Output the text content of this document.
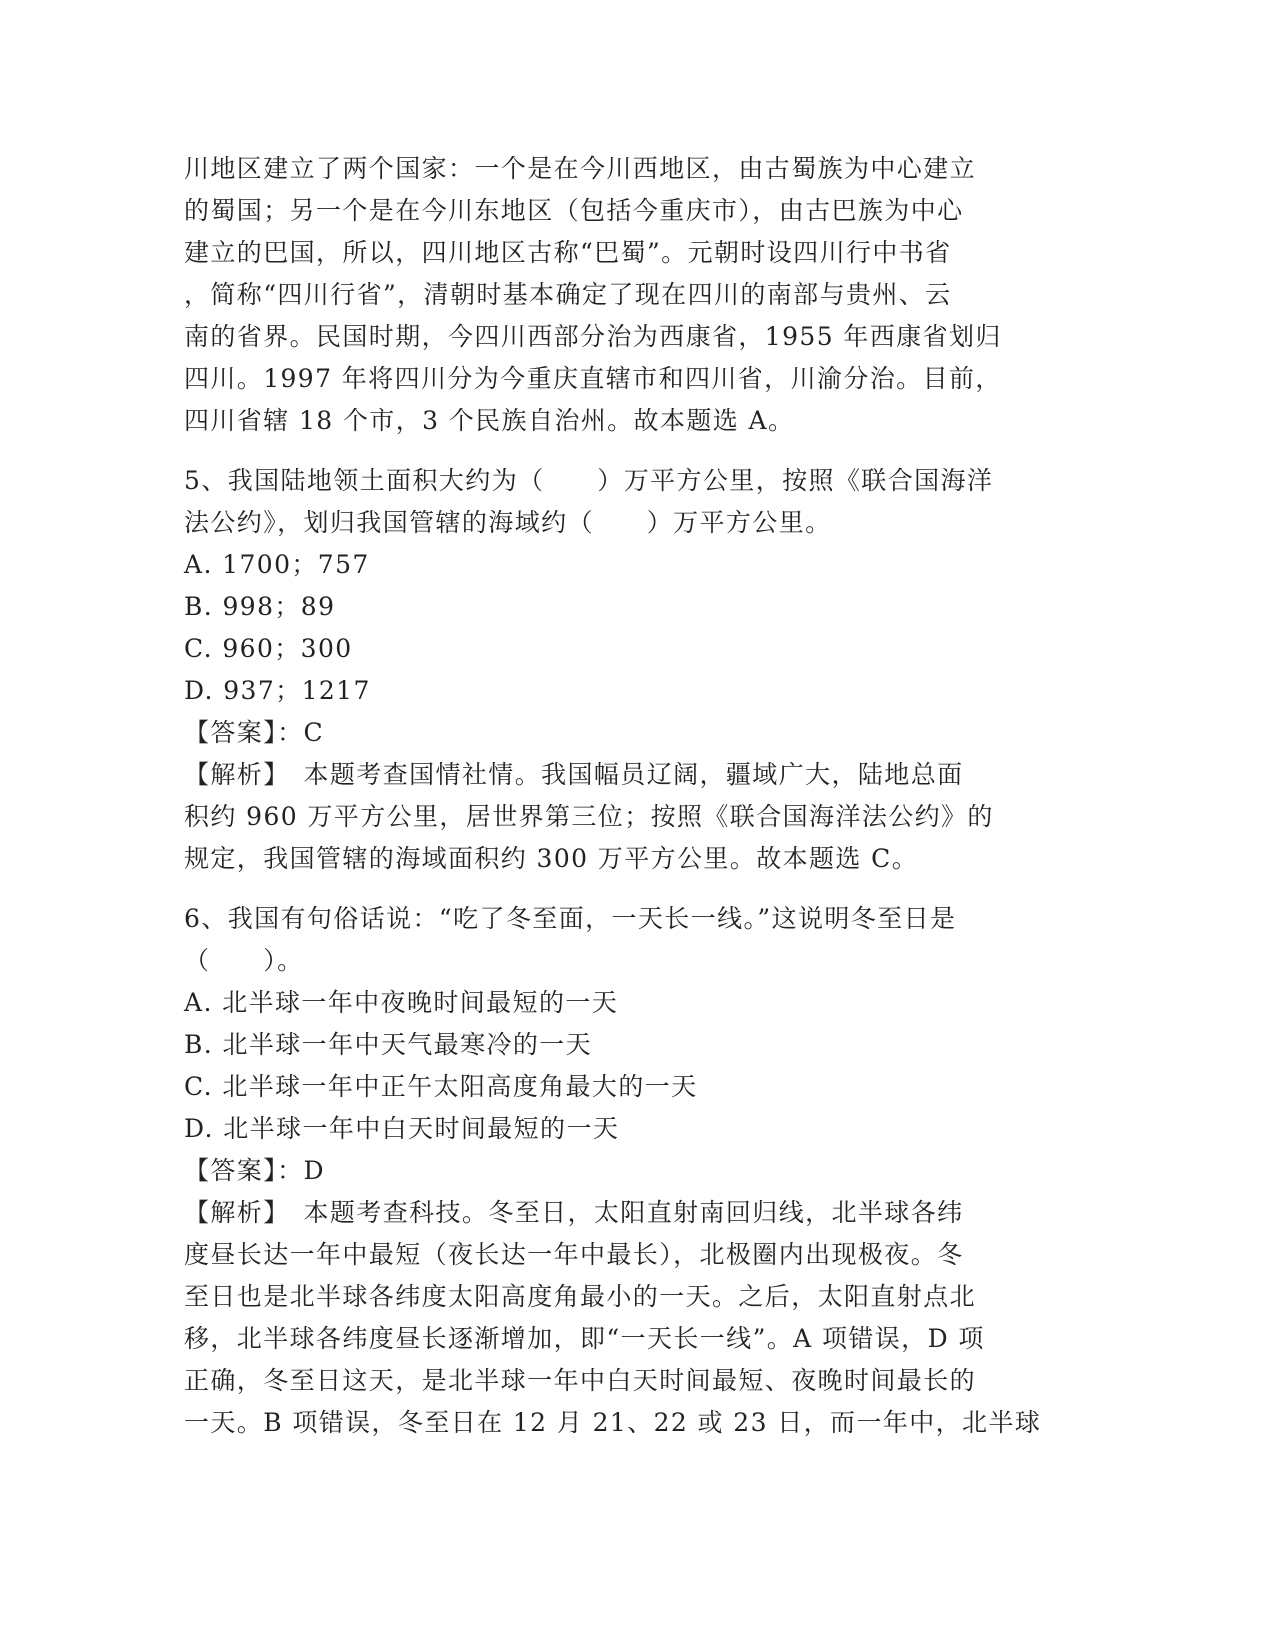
川地区建立了两个国家：一个是在今川西地区，由古蜀族为中心建立
的蜀国；另一个是在今川东地区（包括今重庆市），由古巴族为中心
建立的巴国，所以，四川地区古称“巴蜀”。元朝时设四川行中书省
，简称“四川行省”，清朝时基本确定了现在四川的南部与贵州、云
南的省界。民国时期，今四川西部分治为西康省，1955 年西康省划归
四川。1997 年将四川分为今重庆直辖市和四川省，川渝分治。目前，
四川省辖 18 个市，3 个民族自治州。故本题选 A。
5、我国陆地领土面积大约为（　　）万平方公里，按照《联合国海洋
法公约》，划归我国管辖的海域约（　　）万平方公里。
A. 1700；757
B. 998；89
C. 960；300
D. 937；1217
【答案】：C
【解析】　本题考查国情社情。我国幅员辽阔，疆域广大，陆地总面
积约 960 万平方公里，居世界第三位；按照《联合国海洋法公约》的
规定，我国管辖的海域面积约 300 万平方公里。故本题选 C。
6、我国有句俗话说：“吃了冬至面，一天长一线。”这说明冬至日是
（　　）。
A. 北半球一年中夜晚时间最短的一天
B. 北半球一年中天气最寒冷的一天
C. 北半球一年中正午太阳高度角最大的一天
D. 北半球一年中白天时间最短的一天
【答案】：D
【解析】　本题考查科技。冬至日，太阳直射南回归线，北半球各纬
度昼长达一年中最短（夜长达一年中最长），北极圈内出现极夜。冬
至日也是北半球各纬度太阳高度角最小的一天。之后，太阳直射点北
移，北半球各纬度昼长逐渐增加，即“一天长一线”。A 项错误，D 项
正确，冬至日这天，是北半球一年中白天时间最短、夜晚时间最长的
一天。B 项错误，冬至日在 12 月 21、22 或 23 日，而一年中，北半球
